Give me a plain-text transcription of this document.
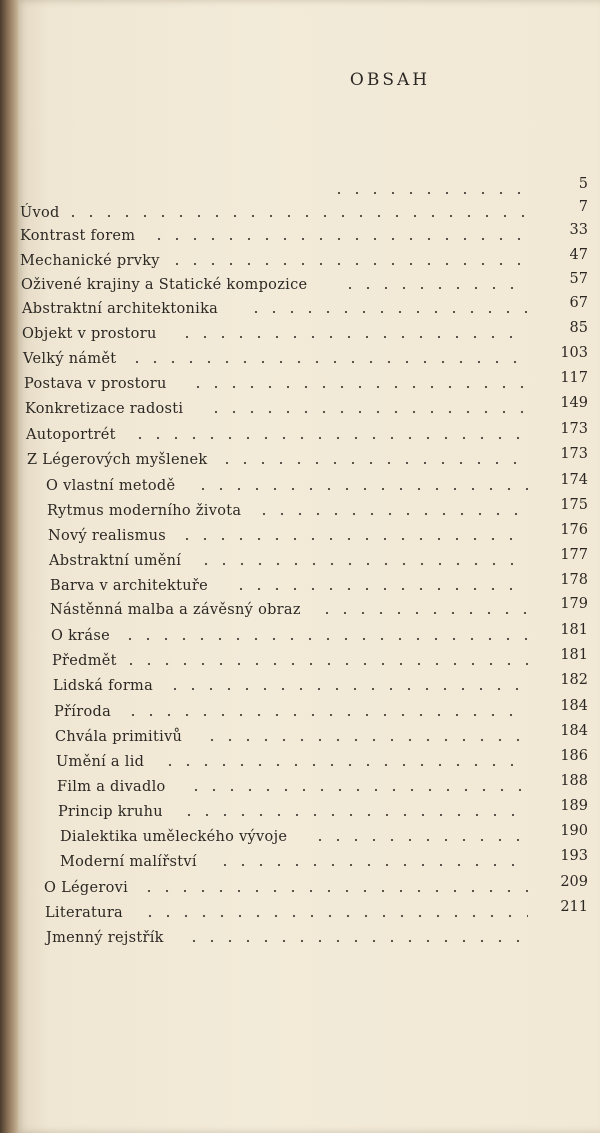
OBSAH
5
Úvod	7
Kontrast forem	33
Mechanické prvky	47
Oživené krajiny a Statické kompozice	57
Abstraktní architektonika	67
Objekt v prostoru	85
Velký námět	103
Postava v prostoru	117
Konkretizace radosti	149
Autoportrét	173
Z Légerových myšlenek	173
O vlastní metodě	174
Rytmus moderního života	175
Nový realismus	176
Abstraktní umění	177
Barva v architektuře	178
Nástěnná malba a závěsný obraz	179
O kráse	181
Předmět	181
Lidská forma	182
Příroda	184
Chvála primitivů	184
Umění a lid	186
Film a divadlo	188
Princip kruhu	189
Dialektika uměleckého vývoje	190
Moderní malířství	193
O Légerovi	209
Literatura	211
Jmenný rejstřík
